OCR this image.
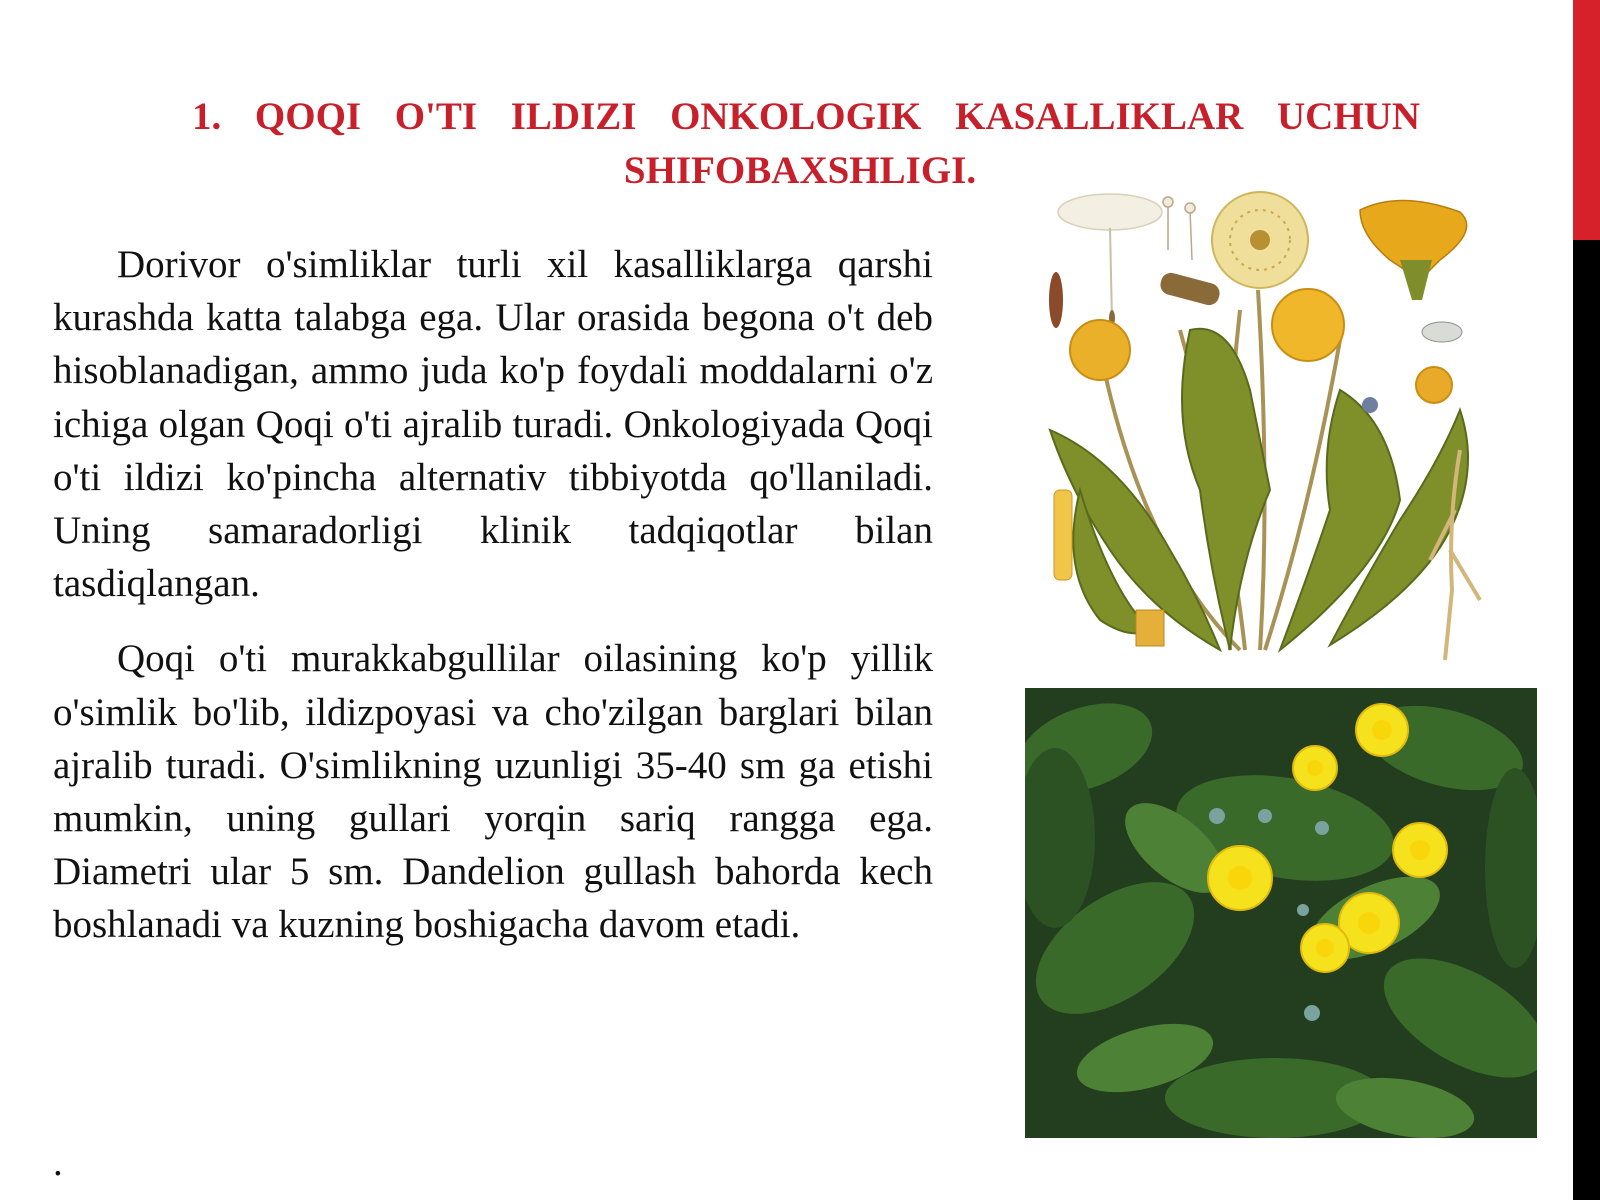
1. QOQI O'TI ILDIZI ONKOLOGIK KASALLIKLAR UCHUN
SHIFOBAXSHLIGI.

Dorivor o'simliklar turli xil kasalliklarga qarshi kurashda katta talabga ega. Ular orasida begona o't deb hisoblanadigan, ammo juda ko'p foydali moddalarni o'z ichiga olgan Qoqi o'ti ajralib turadi. Onkologiyada Qoqi o'ti ildizi ko'pincha alternativ tibbiyotda qo'llaniladi. Uning samaradorligi klinik tadqiqotlar bilan tasdiqlangan.

Qoqi o'ti murakkabgullilar oilasining ko'p yillik o'simlik bo'lib, ildizpoyasi va cho'zilgan barglari bilan ajralib turadi. O'simlikning uzunligi 35-40 sm ga etishi mumkin, uning gullari yorqin sariq rangga ega. Diametri ular 5 sm. Dandelion gullash bahorda kech boshlanadi va kuzning boshigacha davom etadi.

.
